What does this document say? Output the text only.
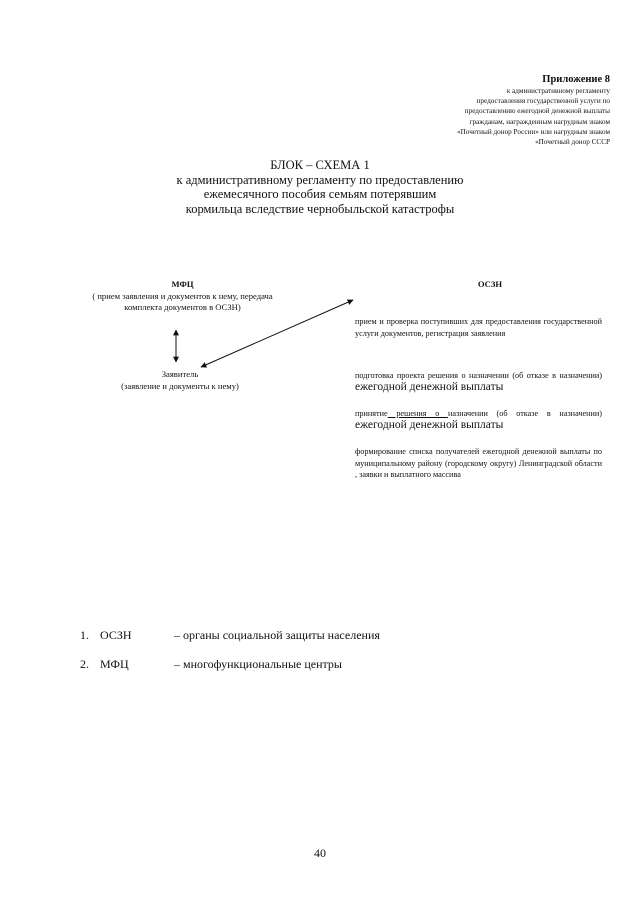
Приложение 8
к административному регламенту
предоставления государственной услуги по
предоставлению ежегодной денежной выплаты
гражданам, награжденным нагрудным знаком
«Почетный донор России» или нагрудным знаком
«Почетный донор СССР
БЛОК – СХЕМА 1
к административному регламенту по предоставлению
ежемесячного пособия семьям потерявшим
кормильца вследствие чернобыльской катастрофы
МФЦ
( прием заявления и документов к нему, передача
комплекта документов в ОСЗН)
Заявитель
(заявление и документы к нему)
ОСЗН
прием и проверка поступивших для предоставления государственной услуги документов, регистрация заявления
подготовка проекта решения о назначении (об отказе в назначении) ежегодной денежной выплаты
принятие решения о назначении (об отказе в назначении) ежегодной денежной выплаты
формирование списка получателей ежегодной денежной выплаты по муниципальному району (городскому округу) Ленинградской области , заявки и выплатного массива
1. ОСЗН	– органы социальной защиты населения
2. МФЦ	– многофункциональные центры
40
